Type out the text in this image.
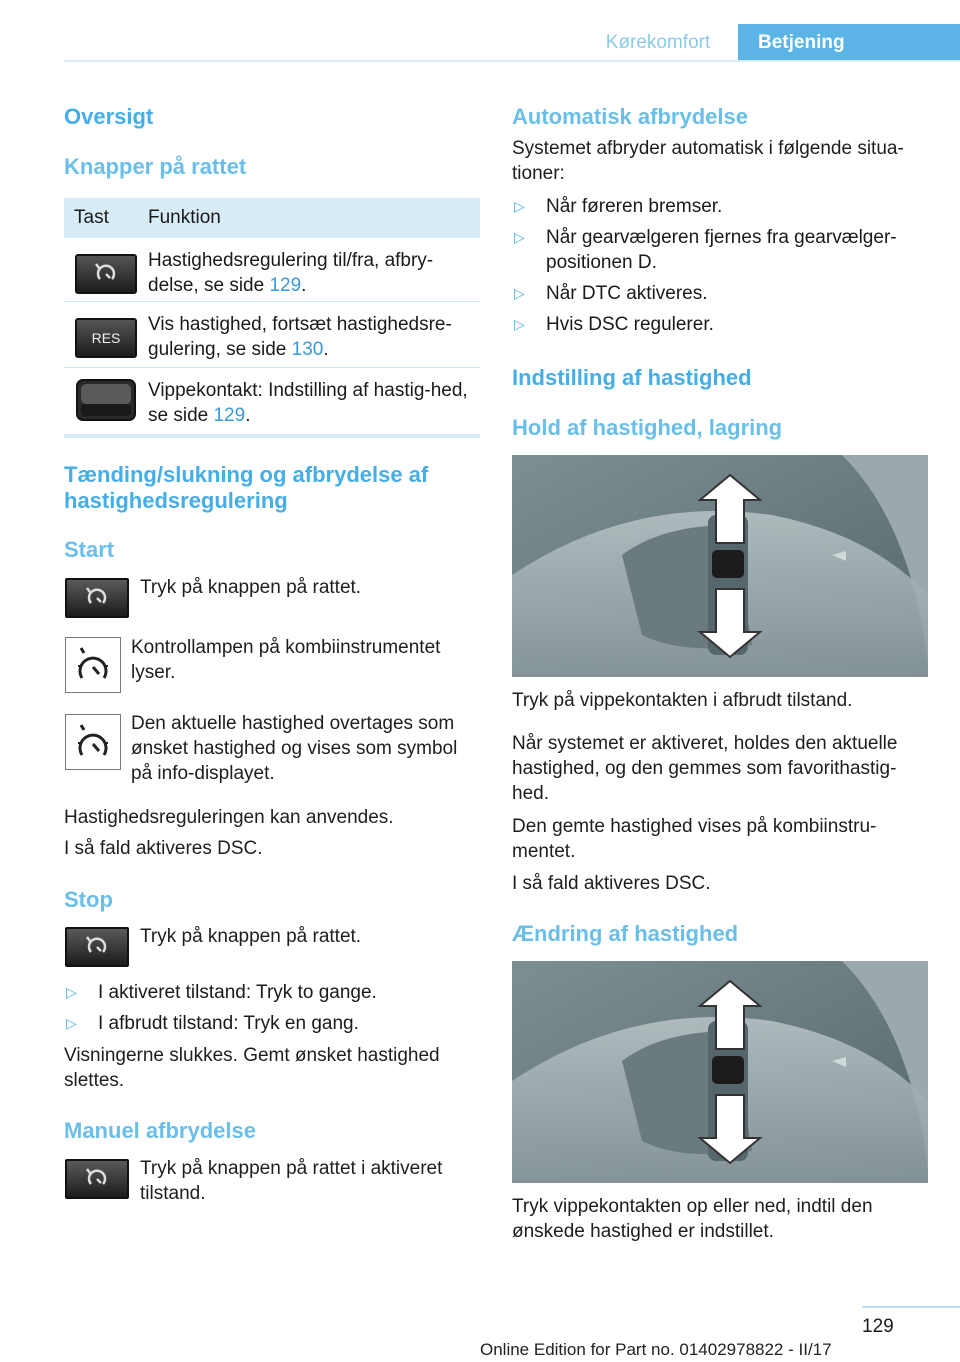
Kørekomfort	Betjening
Oversigt
Knapper på rattet
Tast	Funktion
Hastighedsregulering til/fra, afbry-delse, se side 129.
RES
Vis hastighed, fortsæt hastighedsre-gulering, se side 130.
Vippekontakt: Indstilling af hastig-hed, se side 129.
Tænding/slukning og afbrydelse af hastighedsregulering
Start
Tryk på knappen på rattet.
Kontrollampen på kombiinstrumentet lyser.
Den aktuelle hastighed overtages som ønsket hastighed og vises som symbol på info-displayet.
Hastighedsreguleringen kan anvendes.
I så fald aktiveres DSC.
Stop
Tryk på knappen på rattet.
▷ I aktiveret tilstand: Tryk to gange.
▷ I afbrudt tilstand: Tryk en gang.
Visningerne slukkes. Gemt ønsket hastighed slettes.
Manuel afbrydelse
Tryk på knappen på rattet i aktiveret tilstand.
Automatisk afbrydelse
Systemet afbryder automatisk i følgende situa-tioner:
▷ Når føreren bremser.
▷ Når gearvælgeren fjernes fra gearvælger-positionen D.
▷ Når DTC aktiveres.
▷ Hvis DSC regulerer.
Indstilling af hastighed
Hold af hastighed, lagring
Tryk på vippekontakten i afbrudt tilstand.
Når systemet er aktiveret, holdes den aktuelle hastighed, og den gemmes som favorithastig-hed.
Den gemte hastighed vises på kombiinstru-mentet.
I så fald aktiveres DSC.
Ændring af hastighed
Tryk vippekontakten op eller ned, indtil den ønskede hastighed er indstillet.
129
Online Edition for Part no. 01402978822 - II/17
